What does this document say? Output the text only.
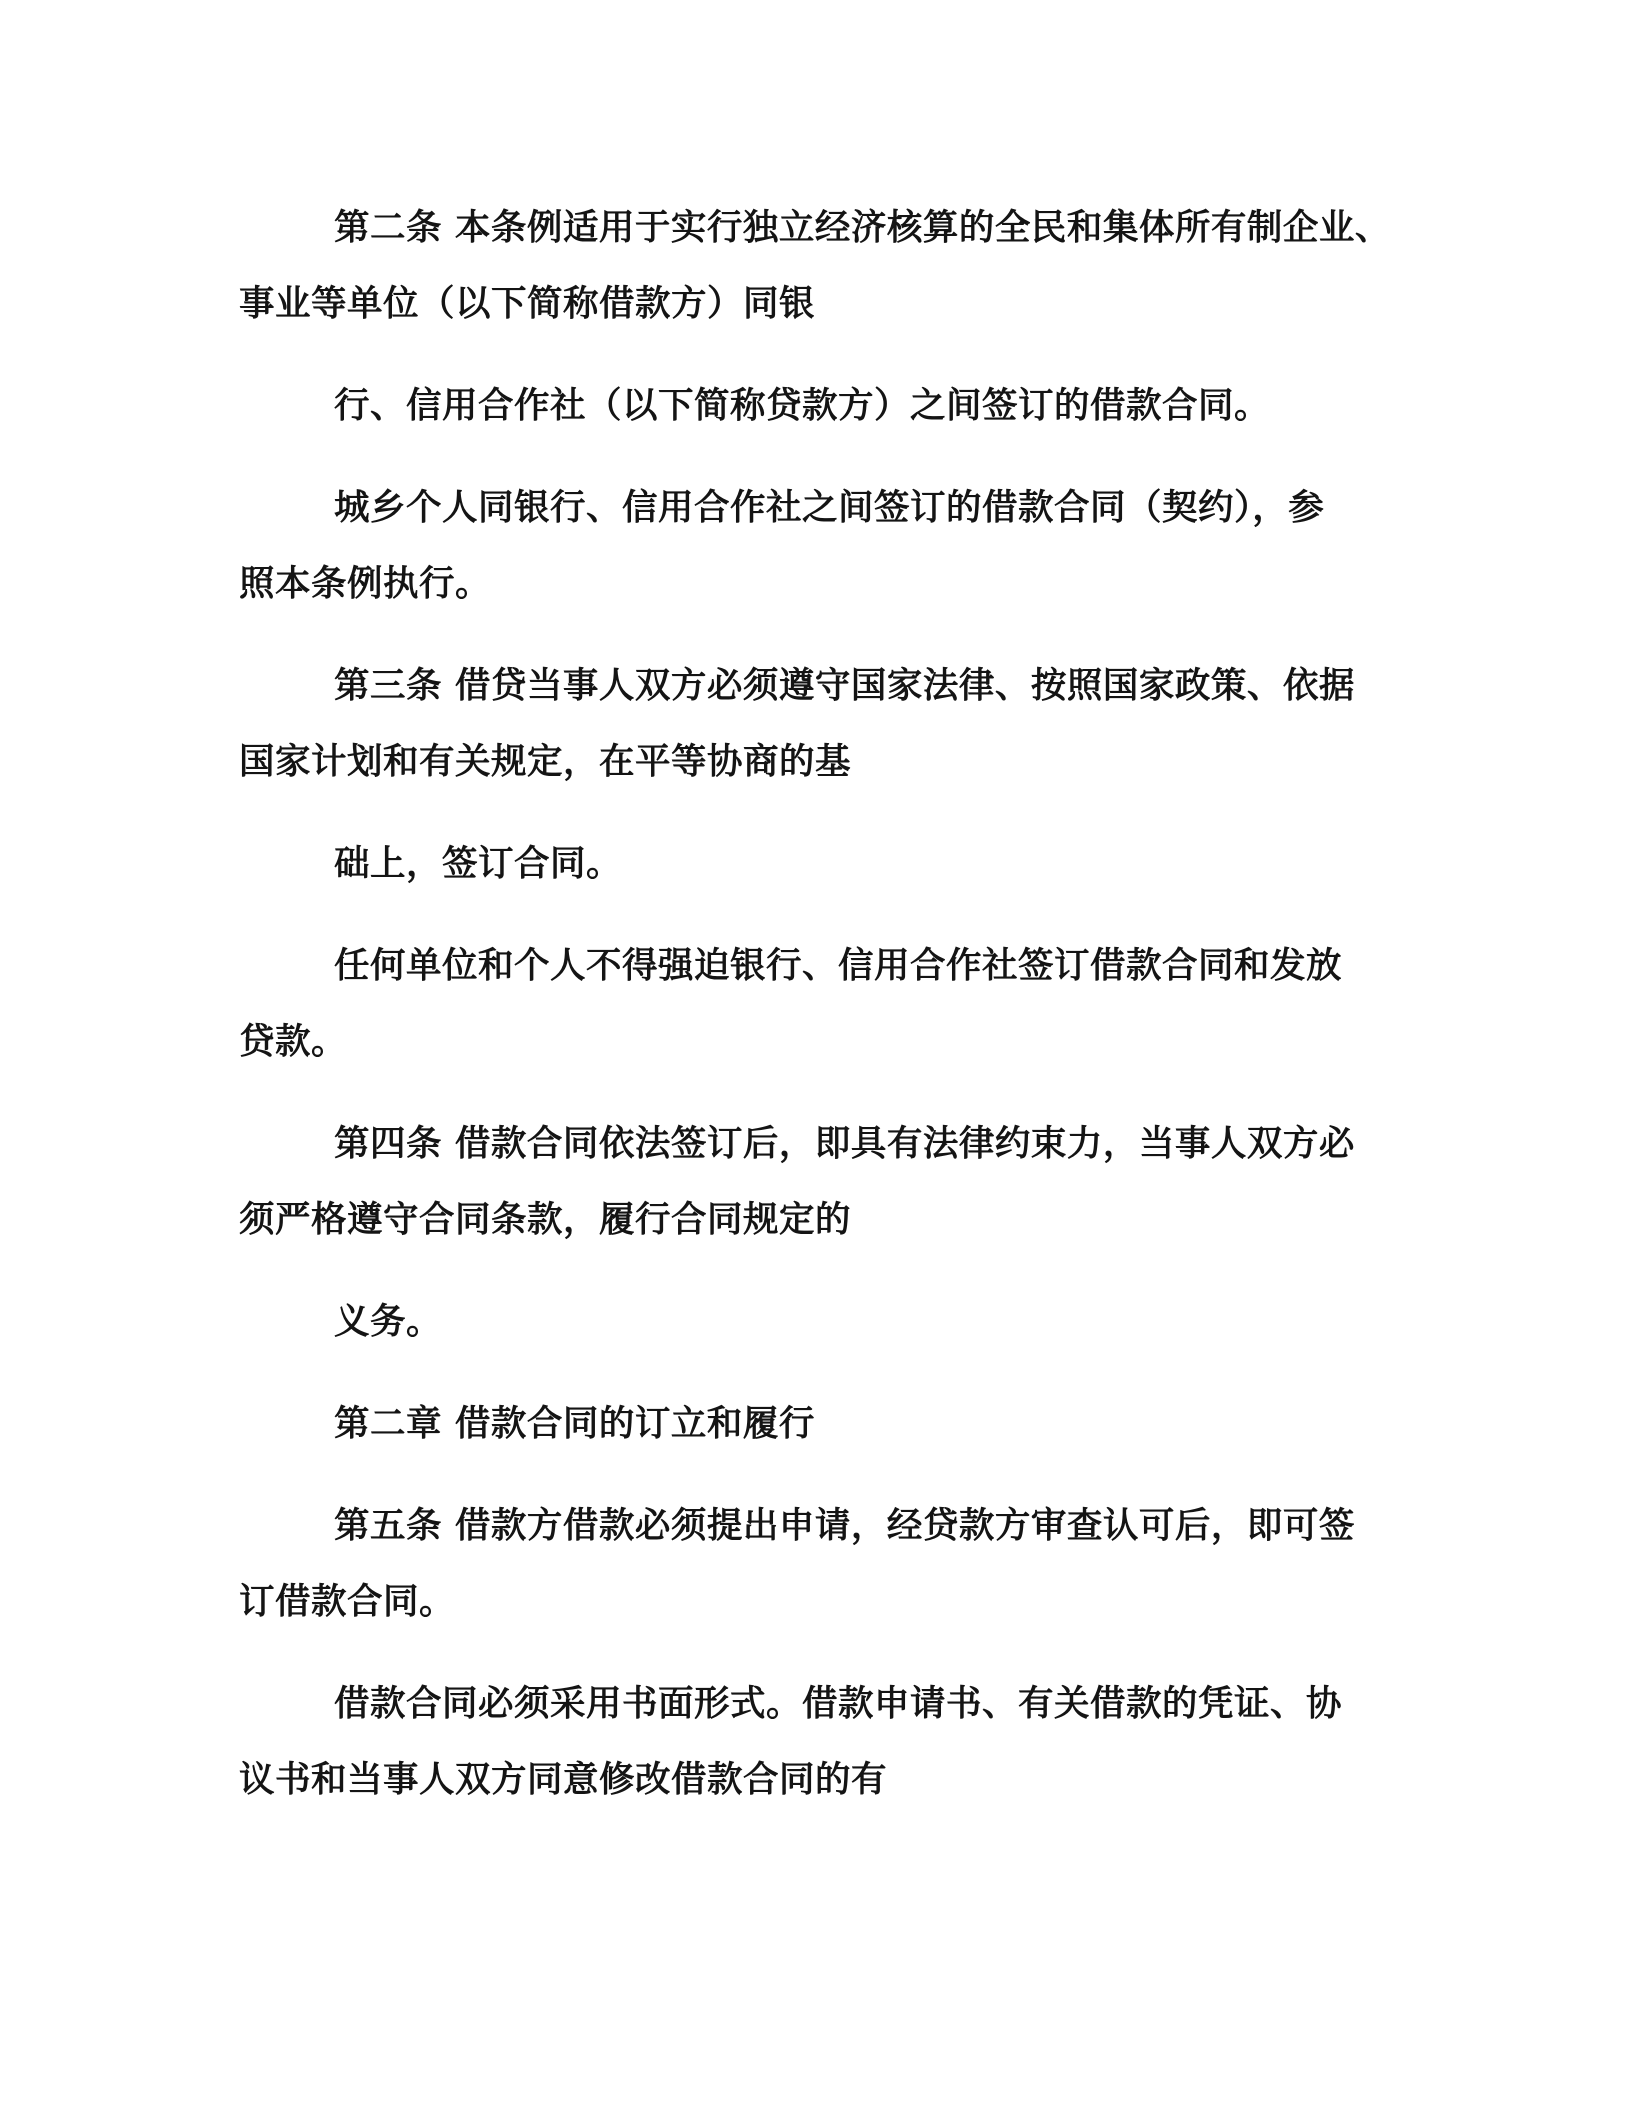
第二条 本条例适用于实行独立经济核算的全民和集体所有制企业、
事业等单位（以下简称借款方）同银

行、信用合作社（以下简称贷款方）之间签订的借款合同。

城乡个人同银行、信用合作社之间签订的借款合同（契约），参
照本条例执行。

第三条 借贷当事人双方必须遵守国家法律、按照国家政策、依据
国家计划和有关规定，在平等协商的基

础上，签订合同。

任何单位和个人不得强迫银行、信用合作社签订借款合同和发放
贷款。

第四条 借款合同依法签订后，即具有法律约束力，当事人双方必
须严格遵守合同条款，履行合同规定的

义务。

第二章 借款合同的订立和履行

第五条 借款方借款必须提出申请，经贷款方审查认可后，即可签
订借款合同。

借款合同必须采用书面形式。借款申请书、有关借款的凭证、协
议书和当事人双方同意修改借款合同的有
